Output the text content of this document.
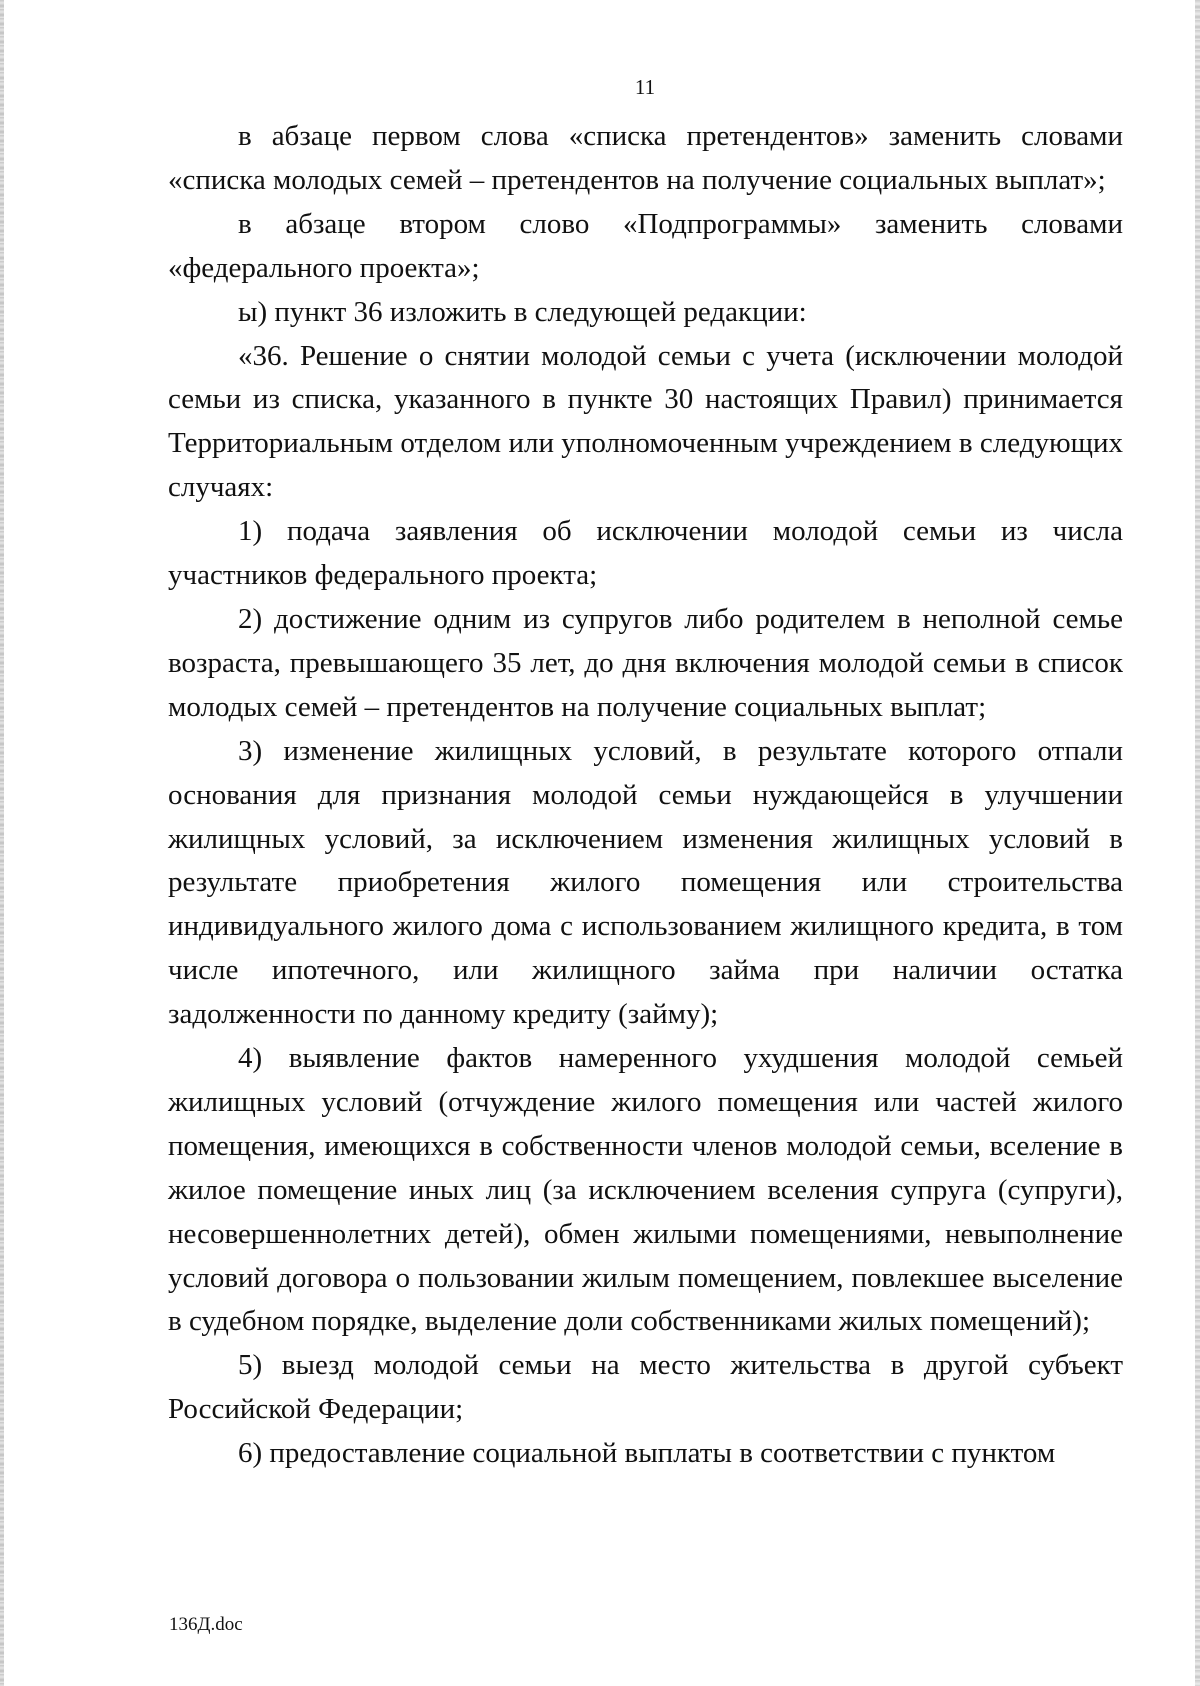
11

в абзаце первом слова «списка претендентов» заменить словами «списка молодых семей – претендентов на получение социальных выплат»;

в абзаце втором слово «Подпрограммы» заменить словами «федерального проекта»;

ы) пункт 36 изложить в следующей редакции:

«36. Решение о снятии молодой семьи с учета (исключении молодой семьи из списка, указанного в пункте 30 настоящих Правил) принимается Территориальным отделом или уполномоченным учреждением в следующих случаях:

1) подача заявления об исключении молодой семьи из числа участников федерального проекта;

2) достижение одним из супругов либо родителем в неполной семье возраста, превышающего 35 лет, до дня включения молодой семьи в список молодых семей – претендентов на получение социальных выплат;

3) изменение жилищных условий, в результате которого отпали основания для признания молодой семьи нуждающейся в улучшении жилищных условий, за исключением изменения жилищных условий в результате приобретения жилого помещения или строительства индивидуального жилого дома с использованием жилищного кредита, в том числе ипотечного, или жилищного займа при наличии остатка задолженности по данному кредиту (займу);

4) выявление фактов намеренного ухудшения молодой семьей жилищных условий (отчуждение жилого помещения или частей жилого помещения, имеющихся в собственности членов молодой семьи, вселение в жилое помещение иных лиц (за исключением вселения супруга (супруги), несовершеннолетних детей), обмен жилыми помещениями, невыполнение условий договора о пользовании жилым помещением, повлекшее выселение в судебном порядке, выделение доли собственниками жилых помещений);

5) выезд молодой семьи на место жительства в другой субъект Российской Федерации;

6) предоставление социальной выплаты в соответствии с пунктом

136Д.doc
